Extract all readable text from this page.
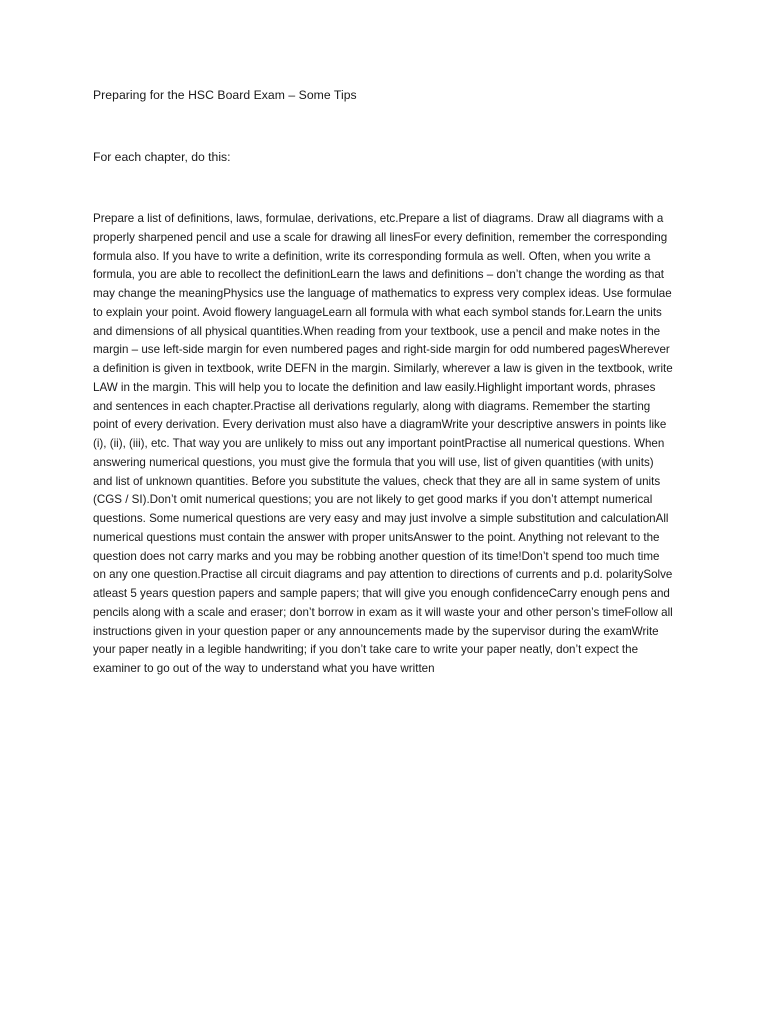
Preparing for the HSC Board Exam – Some Tips
For each chapter, do this:

Prepare a list of definitions, laws, formulae, derivations, etc.Prepare a list of diagrams. Draw all diagrams with a properly sharpened pencil and use a scale for drawing all linesFor every definition, remember the corresponding formula also. If you have to write a definition, write its corresponding formula as well. Often, when you write a formula, you are able to recollect the definitionLearn the laws and definitions – don’t change the wording as that may change the meaningPhysics use the language of mathematics to express very complex ideas. Use formulae to explain your point. Avoid flowery languageLearn all formula with what each symbol stands for.Learn the units and dimensions of all physical quantities.When reading from your textbook, use a pencil and make notes in the margin – use left-side margin for even numbered pages and right-side margin for odd numbered pagesWherever a definition is given in textbook, write DEFN in the margin. Similarly, wherever a law is given in the textbook, write LAW in the margin. This will help you to locate the definition and law easily.Highlight important words, phrases and sentences in each chapter.Practise all derivations regularly, along with diagrams. Remember the starting point of every derivation. Every derivation must also have a diagramWrite your descriptive answers in points like (i), (ii), (iii), etc. That way you are unlikely to miss out any important pointPractise all numerical questions. When answering numerical questions, you must give the formula that you will use, list of given quantities (with units) and list of unknown quantities. Before you substitute the values, check that they are all in same system of units (CGS / SI).Don’t omit numerical questions; you are not likely to get good marks if you don’t attempt numerical questions. Some numerical questions are very easy and may just involve a simple substitution and calculationAll numerical questions must contain the answer with proper unitsAnswer to the point. Anything not relevant to the question does not carry marks and you may be robbing another question of its time!Don’t spend too much time on any one question.Practise all circuit diagrams and pay attention to directions of currents and p.d. polaritySolve atleast 5 years question papers and sample papers; that will give you enough confidenceCarry enough pens and pencils along with a scale and eraser; don’t borrow in exam as it will waste your and other person’s timeFollow all instructions given in your question paper or any announcements made by the supervisor during the examWrite your paper neatly in a legible handwriting; if you don’t take care to write your paper neatly, don’t expect the examiner to go out of the way to understand what you have written
